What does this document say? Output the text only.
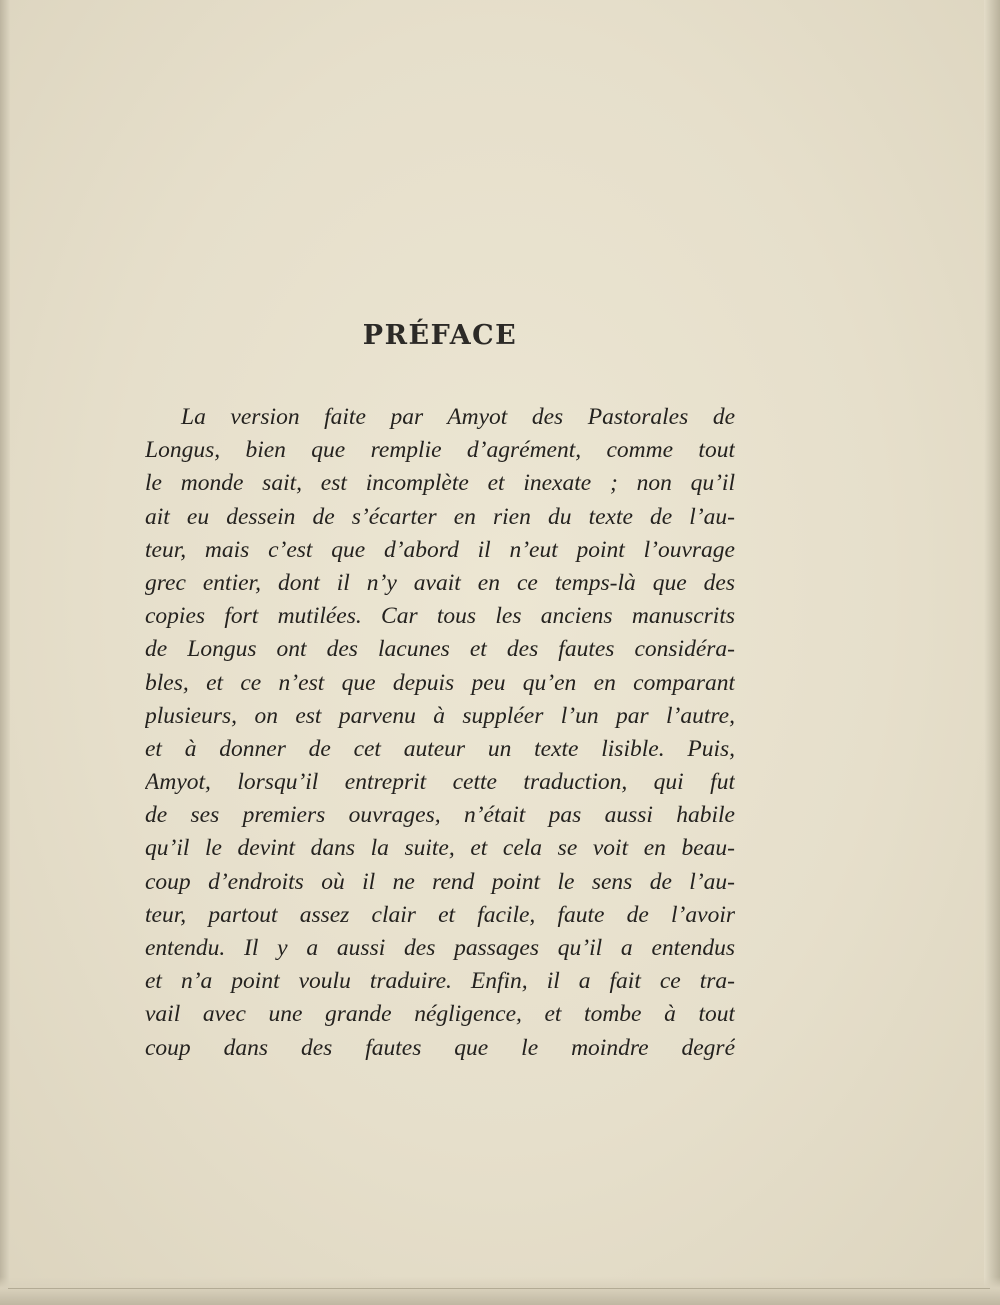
PRÉFACE
La version faite par Amyot des Pastorales de
Longus, bien que remplie d’agrément, comme tout
le monde sait, est incomplète et inexate ; non qu’il
ait eu dessein de s’écarter en rien du texte de l’au-
teur, mais c’est que d’abord il n’eut point l’ouvrage
grec entier, dont il n’y avait en ce temps-là que des
copies fort mutilées. Car tous les anciens manuscrits
de Longus ont des lacunes et des fautes considéra-
bles, et ce n’est que depuis peu qu’en en comparant
plusieurs, on est parvenu à suppléer l’un par l’autre,
et à donner de cet auteur un texte lisible. Puis,
Amyot, lorsqu’il entreprit cette traduction, qui fut
de ses premiers ouvrages, n’était pas aussi habile
qu’il le devint dans la suite, et cela se voit en beau-
coup d’endroits où il ne rend point le sens de l’au-
teur, partout assez clair et facile, faute de l’avoir
entendu. Il y a aussi des passages qu’il a entendus
et n’a point voulu traduire. Enfin, il a fait ce tra-
vail avec une grande négligence, et tombe à tout
coup dans des fautes que le moindre degré
